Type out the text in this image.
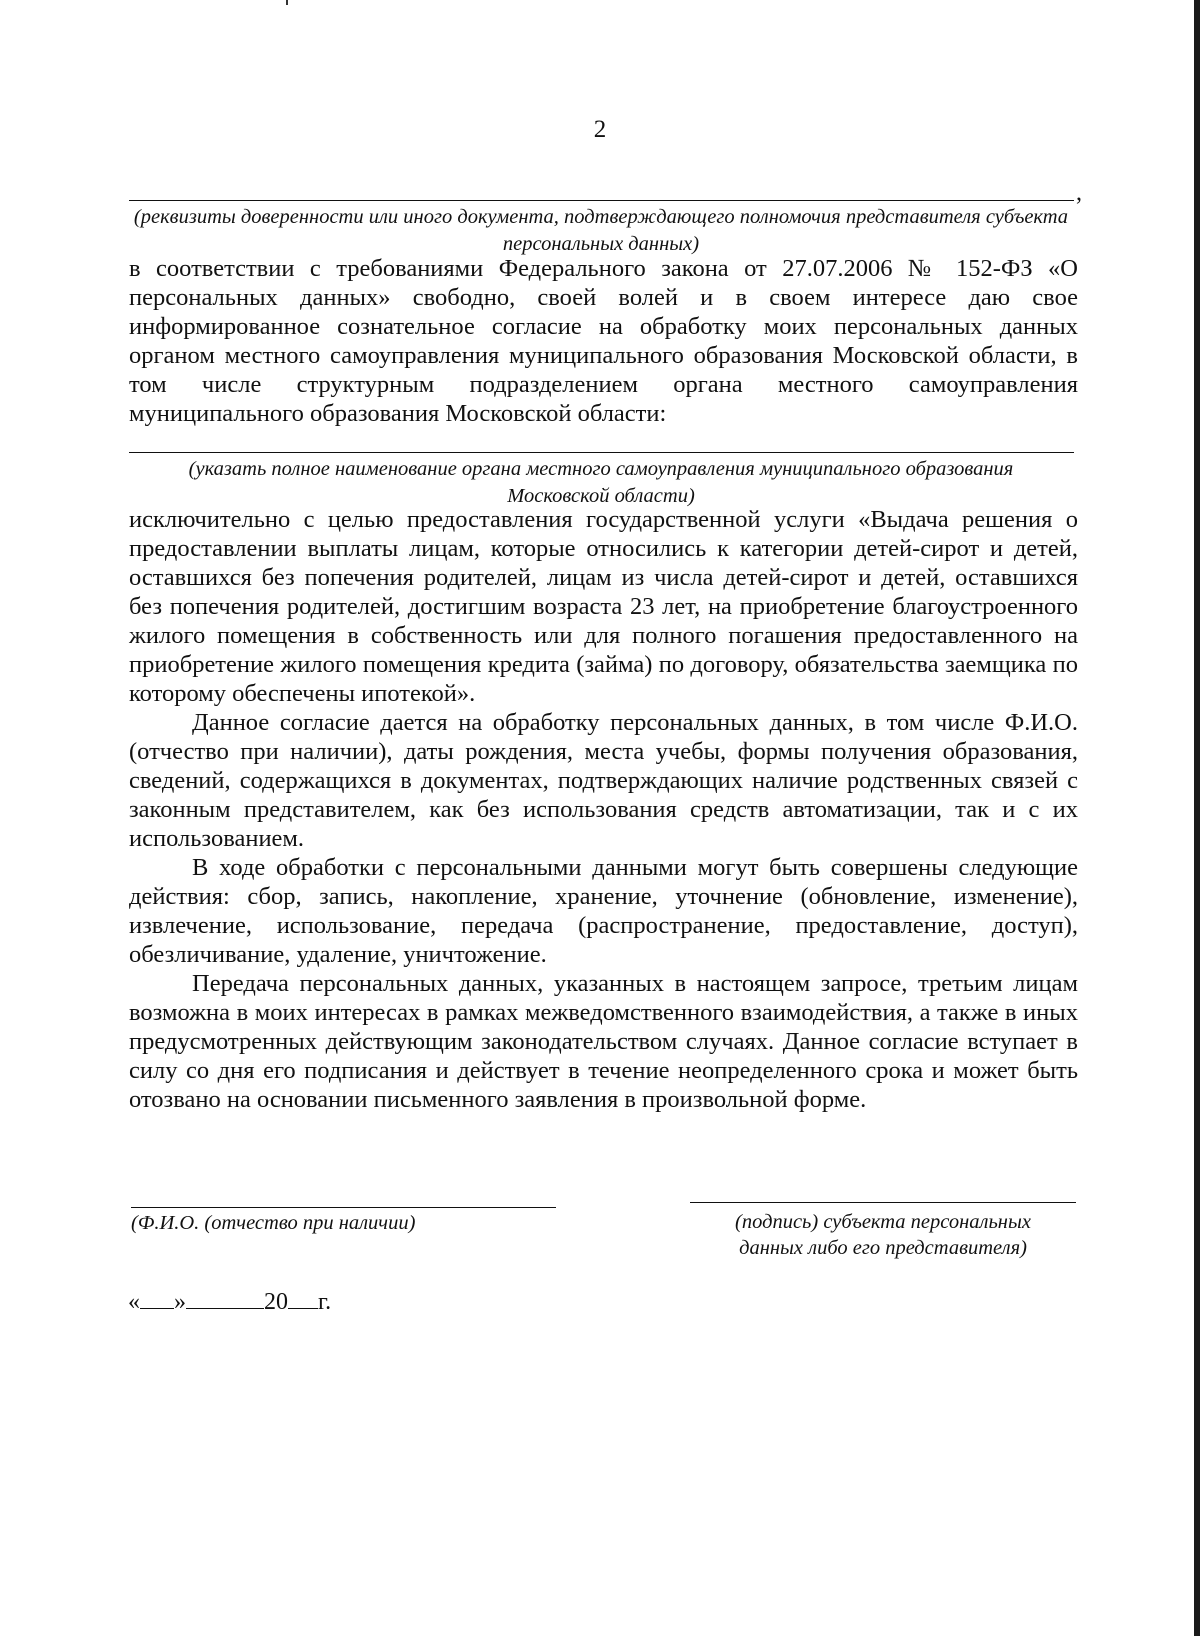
2
,
(реквизиты доверенности или иного документа, подтверждающего полномочия представителя субъекта персональных данных)

в соответствии с требованиями Федерального закона от 27.07.2006 № 152-ФЗ «О персональных данных» свободно, своей волей и в своем интересе даю свое информированное сознательное согласие на обработку моих персональных данных органом местного самоуправления муниципального образования Московской области, в том числе структурным подразделением органа местного самоуправления муниципального образования Московской области:

(указать полное наименование органа местного самоуправления муниципального образования Московской области)

исключительно с целью предоставления государственной услуги «Выдача решения о предоставлении выплаты лицам, которые относились к категории детей-сирот и детей, оставшихся без попечения родителей, лицам из числа детей-сирот и детей, оставшихся без попечения родителей, достигшим возраста 23 лет, на приобретение благоустроенного жилого помещения в собственность или для полного погашения предоставленного на приобретение жилого помещения кредита (займа) по договору, обязательства заемщика по которому обеспечены ипотекой».

Данное согласие дается на обработку персональных данных, в том числе Ф.И.О. (отчество при наличии), даты рождения, места учебы, формы получения образования, сведений, содержащихся в документах, подтверждающих наличие родственных связей с законным представителем, как без использования средств автоматизации, так и с их использованием.

В ходе обработки с персональными данными могут быть совершены следующие действия: сбор, запись, накопление, хранение, уточнение (обновление, изменение), извлечение, использование, передача (распространение, предоставление, доступ), обезличивание, удаление, уничтожение.

Передача персональных данных, указанных в настоящем запросе, третьим лицам возможна в моих интересах в рамках межведомственного взаимодействия, а также в иных предусмотренных действующим законодательством случаях. Данное согласие вступает в силу со дня его подписания и действует в течение неопределенного срока и может быть отозвано на основании письменного заявления в произвольной форме.

(Ф.И.О. (отчество при наличии)	(подпись) субъекта персональных
данных либо его представителя)
« »	20 г.
